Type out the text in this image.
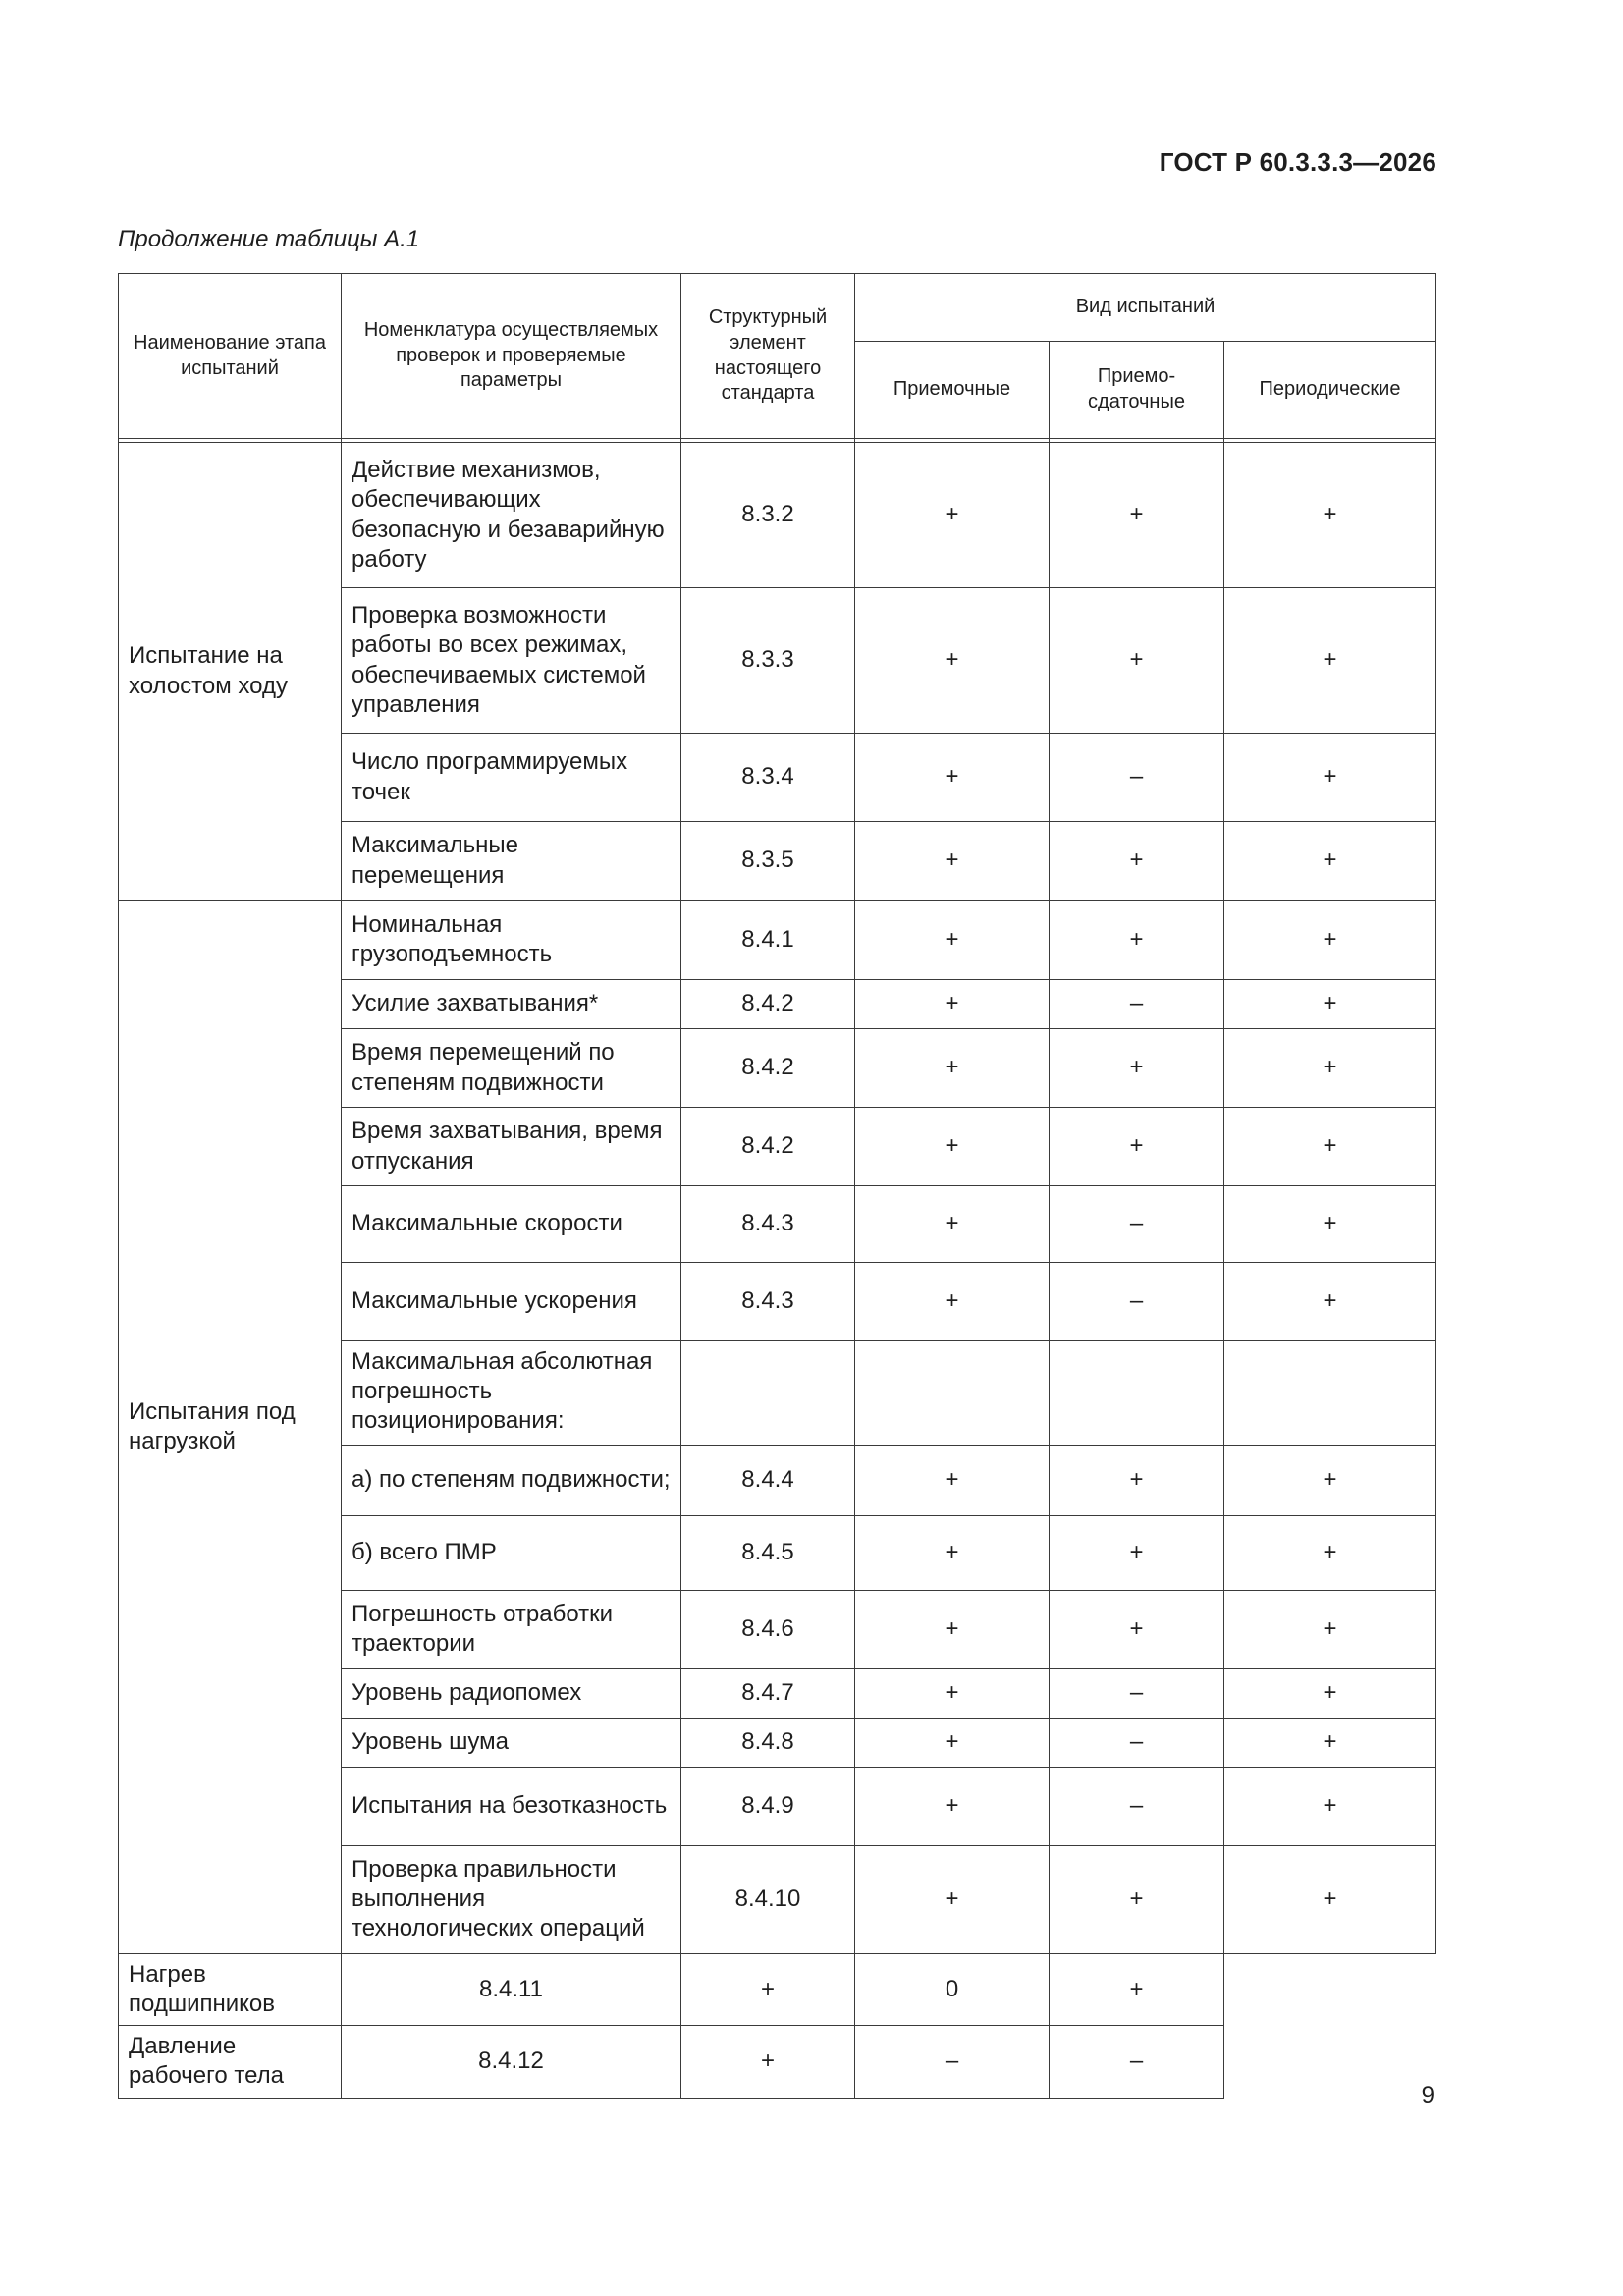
ГОСТ Р 60.3.3.3—2026
Продолжение таблицы А.1
Наименование этапа испытаний	Номенклатура осуществляемых проверок и проверяемые параметры	Структурный элемент настоящего стандарта	Вид испытаний		
			Приемочные	Приемо-сдаточные	Периодические

Испытание на холостом ходу	Действие механизмов, обеспечивающих безопасную и безаварийную работу	8.3.2	+	+	+
	Проверка возможности работы во всех режимах, обеспечиваемых системой управления	8.3.3	+	+	+
	Число программируемых точек	8.3.4	+	–	+
	Максимальные перемещения	8.3.5	+	+	+
Испытания под нагрузкой	Номинальная грузоподъемность	8.4.1	+	+	+
	Усилие захватывания*	8.4.2	+	–	+
	Время перемещений по степеням подвижности	8.4.2	+	+	+
	Время захватывания, время отпускания	8.4.2	+	+	+
	Максимальные скорости	8.4.3	+	–	+
	Максимальные ускорения	8.4.3	+	–	+
	Максимальная абсолютная погрешность позиционирования:				
	а) по степеням подвижности;	8.4.4	+	+	+
	б) всего ПМР	8.4.5	+	+	+
	Погрешность отработки траектории	8.4.6	+	+	+
	Уровень радиопомех	8.4.7	+	–	+
	Уровень шума	8.4.8	+	–	+
	Испытания на безотказность	8.4.9	+	–	+
	Проверка правильности выполнения технологических операций	8.4.10	+	+	+
Нагрев подшипников	8.4.11	+	0	+	
Давление рабочего тела	8.4.12	+	–	–	
9
